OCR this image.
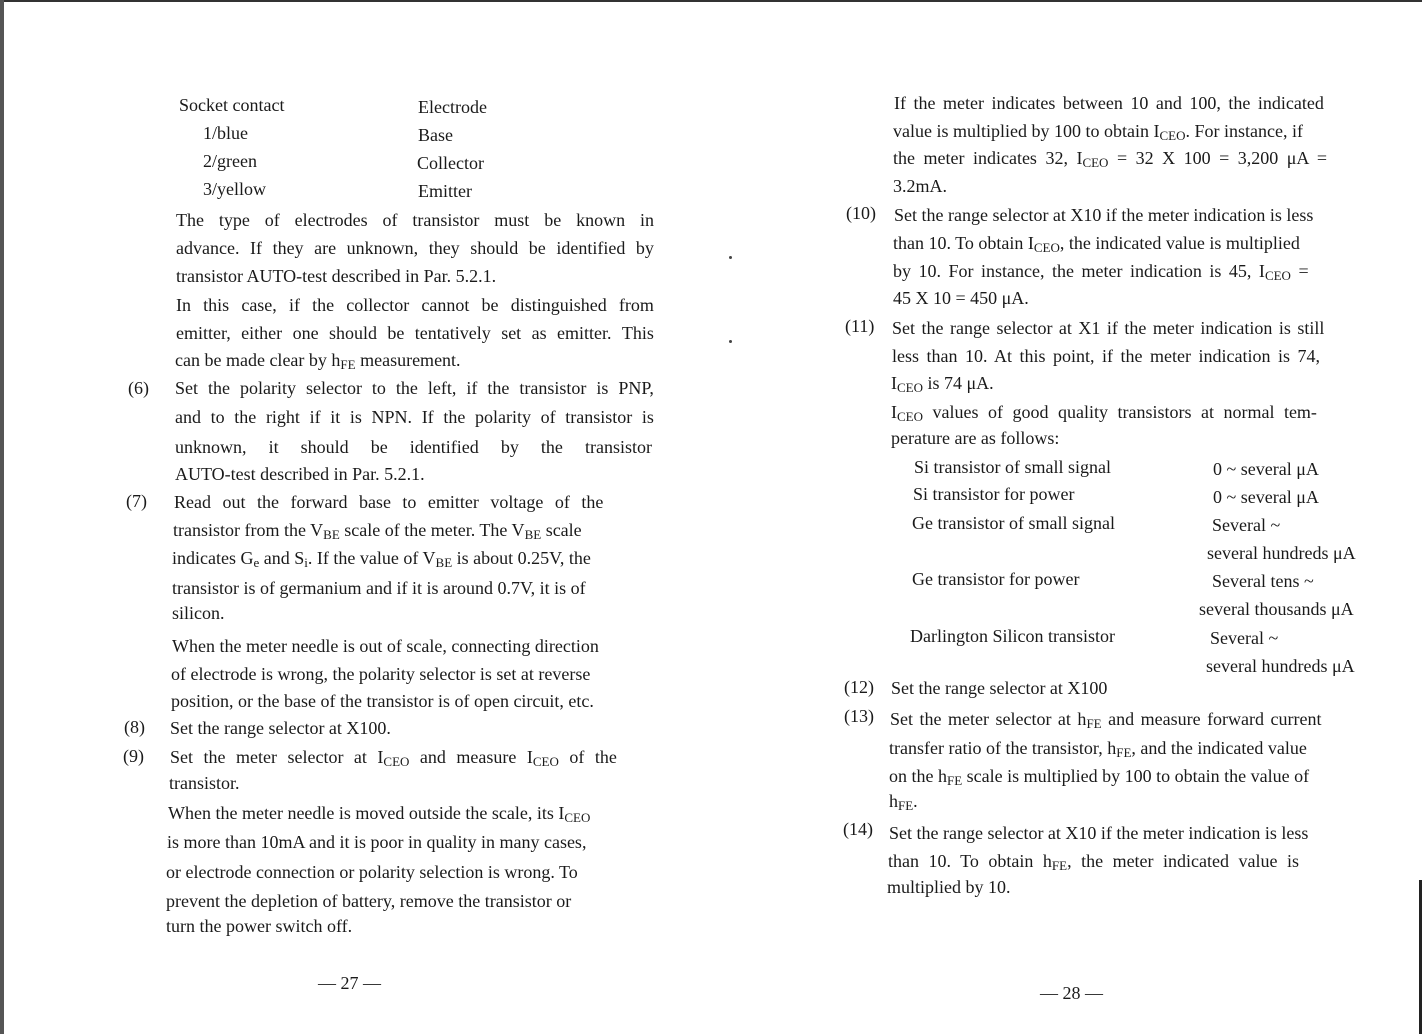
Socket contact	Electrode
1/blue	Base
2/green	Collector
3/yellow	Emitter
The type of electrodes of transistor must be known in
advance. If they are unknown, they should be identified by
transistor AUTO-test described in Par. 5.2.1.
In this case, if the collector cannot be distinguished from
emitter, either one should be tentatively set as emitter. This
can be made clear by $h_{FE}$ measurement.
(6) Set the polarity selector to the left, if the transistor is PNP,
and to the right if it is NPN. If the polarity of transistor is
unknown, it should be identified by the transistor
AUTO-test described in Par. 5.2.1.
(7) Read out the forward base to emitter voltage of the
transistor from the $V_{BE}$ scale of the meter. The $V_{BE}$ scale
indicates $G_e$ and $S_i$. If the value of $V_{BE}$ is about 0.25V, the
transistor is of germanium and if it is around 0.7V, it is of
silicon.
When the meter needle is out of scale, connecting direction
of electrode is wrong, the polarity selector is set at reverse
position, or the base of the transistor is of open circuit, etc.
(8) Set the range selector at X100.
(9) Set the meter selector at $I_{CEO}$ and measure $I_{CEO}$ of the
transistor.
When the meter needle is moved outside the scale, its $I_{CEO}$
is more than 10mA and it is poor in quality in many cases,
or electrode connection or polarity selection is wrong. To
prevent the depletion of battery, remove the transistor or
turn the power switch off.
— 27 —
If the meter indicates between 10 and 100, the indicated
value is multiplied by 100 to obtain $I_{CEO}$. For instance, if
the meter indicates 32, $I_{CEO} = 32$ X 100 = 3,200 μA =
3.2mA.
(10) Set the range selector at X10 if the meter indication is less
than 10. To obtain $I_{CEO}$, the indicated value is multiplied
by 10. For instance, the meter indication is 45, $I_{CEO}$ =
45 X 10 = 450 μA.
(11) Set the range selector at X1 if the meter indication is still
less than 10. At this point, if the meter indication is 74,
$I_{CEO}$ is 74 μA.
$I_{CEO}$ values of good quality transistors at normal tem-
perature are as follows:
Si transistor of small signal	0 ~ several μA
Si transistor for power	0 ~ several μA
Ge transistor of small signal	Several ~
several hundreds μA
Ge transistor for power	Several tens ~
several thousands μA
Darlington Silicon transistor	Several ~
several hundreds μA
(12) Set the range selector at X100
(13) Set the meter selector at $h_{FE}$ and measure forward current
transfer ratio of the transistor, $h_{FE}$, and the indicated value
on the $h_{FE}$ scale is multiplied by 100 to obtain the value of
$h_{FE}$.
(14) Set the range selector at X10 if the meter indication is less
than 10. To obtain $h_{FE}$, the meter indicated value is
multiplied by 10.
— 28 —
